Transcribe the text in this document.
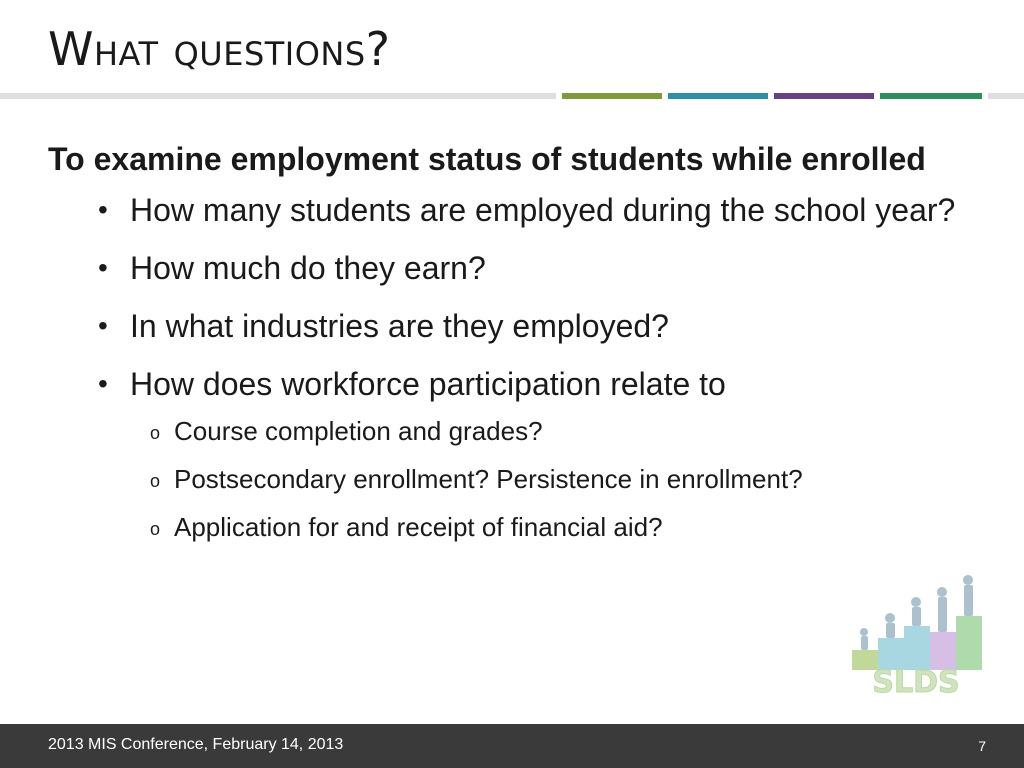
What questions?

To examine employment status of students while enrolled

• How many students are employed during the school year?
• How much do they earn?
• In what industries are they employed?
• How does workforce participation relate to
o Course completion and grades?
o Postsecondary enrollment? Persistence in enrollment?
o Application for and receipt of financial aid?
SLDS
2013 MIS Conference, February 14, 2013	7
